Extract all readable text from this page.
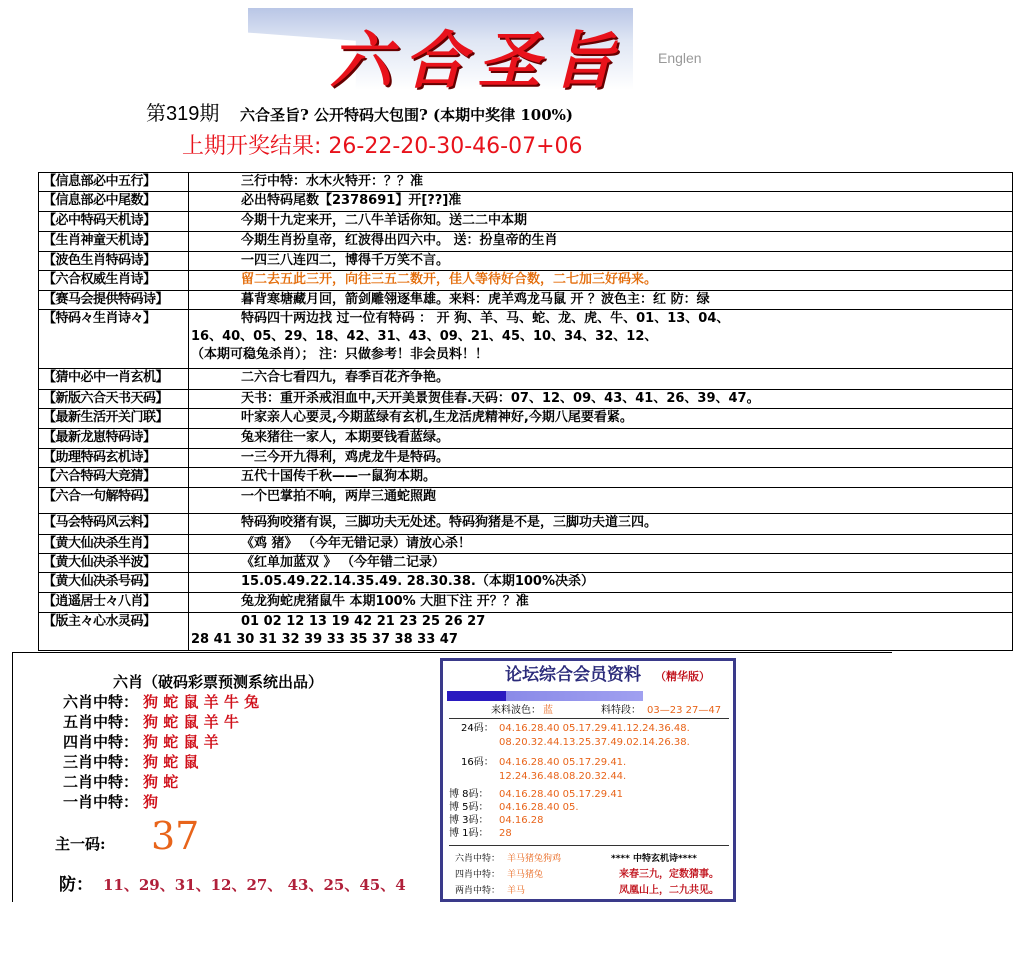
六合圣旨 Englen
第319期 六合圣旨? 公开特码大包围? (本期中奖律 100%)
上期开奖结果: 26-22-20-30-46-07+06
【信息部必中五行】	三行中特：水木火特开：？？准
【信息部必中尾数】	必出特码尾数【2378691】开[??]准
【必中特码天机诗】	今期十九定来开，二八牛羊话你知。送二二中本期
【生肖神童天机诗】	今期生肖扮皇帝，红波得出四六中。 送：扮皇帝的生肖
【波色生肖特码诗】	一四三八连四二，博得千万笑不言。
【六合权威生肖诗】	留二去五此三开，向往三五二数开，佳人等待好合数，二七加三好码来。
【赛马会提供特码诗】	暮背寒塘藏月回，箭剑雕翎逐隼雄。来料：虎羊鸡龙马鼠 开 ？波色主：红 防：绿
【特码々生肖诗々】	特码四十两边找 过一位有特码 ： 开 狗、羊、马、蛇、龙、虎、牛、01、13、04、
16、40、05、29、18、42、31、43、09、21、45、10、34、32、12、
（本期可稳兔杀肖）； 注：只做参考！非会员料！！
【猜中必中一肖玄机】	二六合七看四九，春季百花齐争艳。
【新版六合天书天码】	天书：重开杀戒泪血中,天开美景贺佳春.天码：07、12、09、43、41、26、39、47。
【最新生活开关门联】	叶家亲人心要灵,今期蓝绿有玄机,生龙活虎精神好,今期八尾要看紧。
【最新龙崽特码诗】	兔来猪往一家人，本期要钱看蓝绿。
【助理特码玄机诗】	一三今开九得利，鸡虎龙牛是特码。
【六合特码大竞猜】	五代十国传千秋——一鼠狗本期。
【六合一句解特码】	一个巴掌拍不响，两岸三通蛇照跑
【马会特码风云料】	特码狗咬猪有误，三脚功夫无处述。特码狗猪是不是，三脚功夫道三四。
【黄大仙决杀生肖】	《鸡 猪》 （今年无错记录）请放心杀！
【黄大仙决杀半波】	《红单加蓝双 》 （今年错二记录）
【黄大仙决杀号码】	15.05.49.22.14.35.49. 28.30.38.（本期100%决杀）
【逍遥居士々八肖】	兔龙狗蛇虎猪鼠牛 本期100% 大胆下注 开？？准
【版主々心水灵码】	01 02 12 13 19 42 21 23 25 26 27
28 41 30 31 32 39 33 35 37 38 33 47
六肖（破码彩票预测系统出品）
六肖中特： 狗 蛇 鼠 羊 牛 兔
五肖中特： 狗 蛇 鼠 羊 牛
四肖中特： 狗 蛇 鼠 羊
三肖中特： 狗 蛇 鼠
二肖中特： 狗 蛇
一肖中特： 狗
主一码: 37
防： 11、29、31、12、27、 43、25、45、4
论坛综合会员资料 （精华版）
来料波色： 蓝	料特段： 03—23 27—47
24码： 04.16.28.40 05.17.29.41.12.24.36.48.
08.20.32.44.13.25.37.49.02.14.26.38.
16码： 04.16.28.40 05.17.29.41.
12.24.36.48.08.20.32.44.
博 8码： 04.16.28.40 05.17.29.41
博 5码： 04.16.28.40 05.
博 3码： 04.16.28
博 1码： 28
六肖中特： 羊马猪兔狗鸡
四肖中特： 羊马猪兔
两肖中特： 羊马
**** 中特玄机诗****
来春三九，定数猜事。
凤凰山上，二九共见。
